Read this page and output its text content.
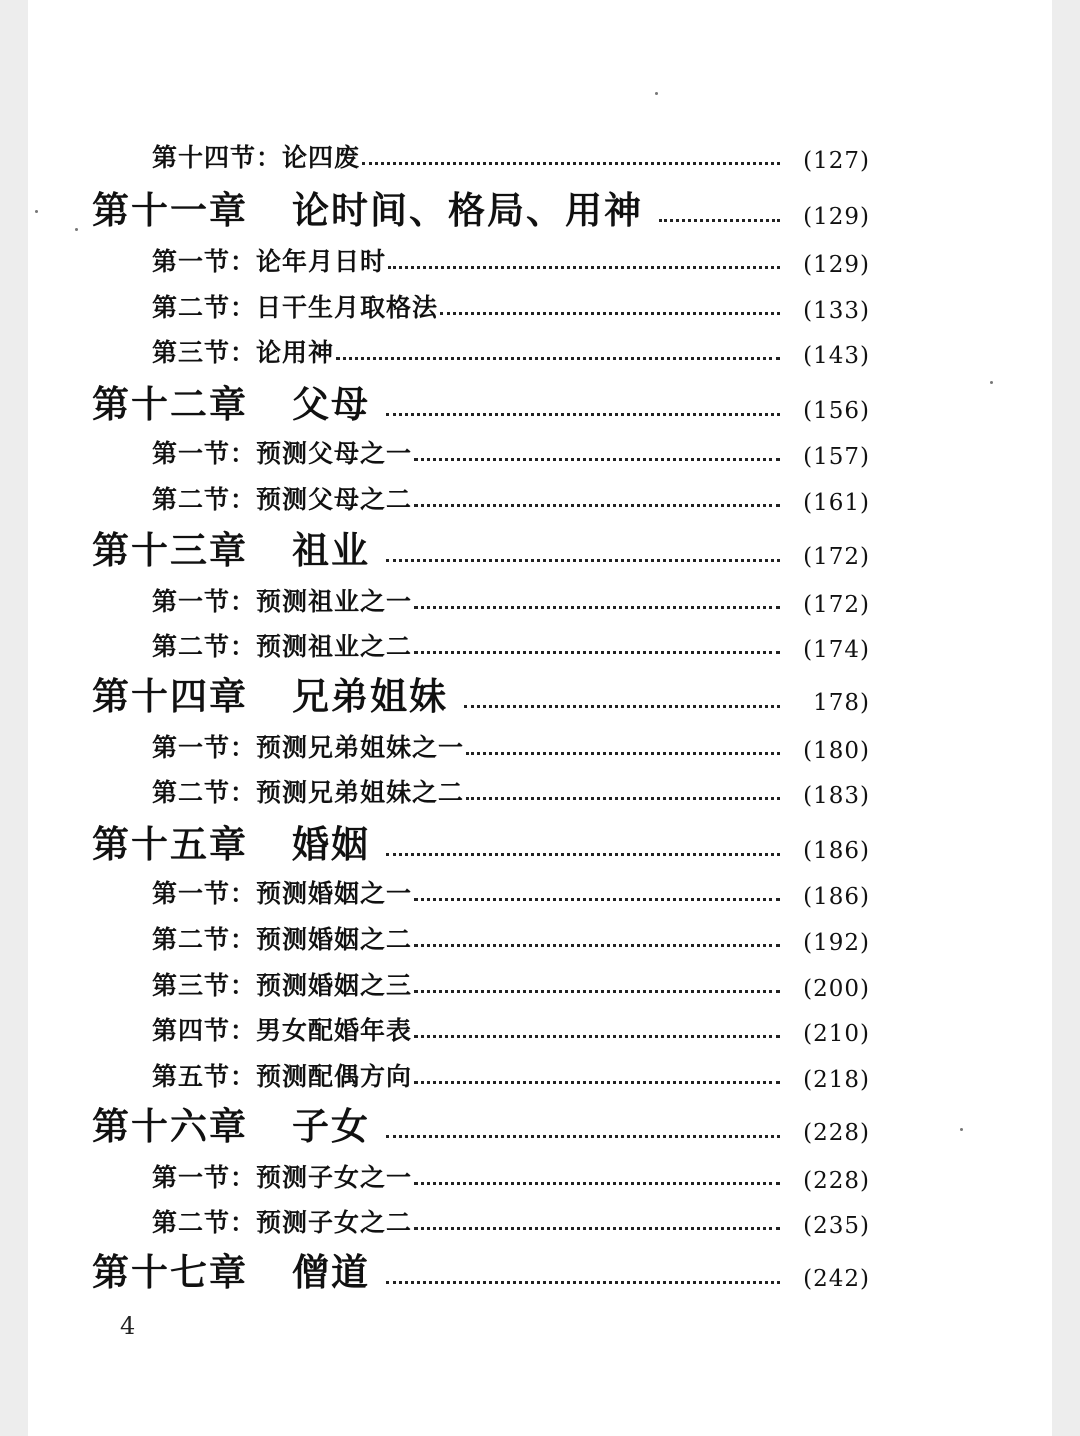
第十四节： 论四废	(127)
第十一章	论时间、格局、用神	(129)
第一节： 论年月日时	(129)
第二节： 日干生月取格法	(133)
第三节： 论用神	(143)
第十二章	父母	(156)
第一节： 预测父母之一	(157)
第二节： 预测父母之二	(161)
第十三章	祖业	(172)
第一节： 预测祖业之一	(172)
第二节： 预测祖业之二	(174)
第十四章	兄弟姐妹	178)
第一节： 预测兄弟姐妹之一	(180)
第二节： 预测兄弟姐妹之二	(183)
第十五章	婚姻	(186)
第一节： 预测婚姻之一	(186)
第二节： 预测婚姻之二	(192)
第三节： 预测婚姻之三	(200)
第四节： 男女配婚年表	(210)
第五节： 预测配偶方向	(218)
第十六章	子女	(228)
第一节： 预测子女之一	(228)
第二节： 预测子女之二	(235)
第十七章	僧道	(242)
4
